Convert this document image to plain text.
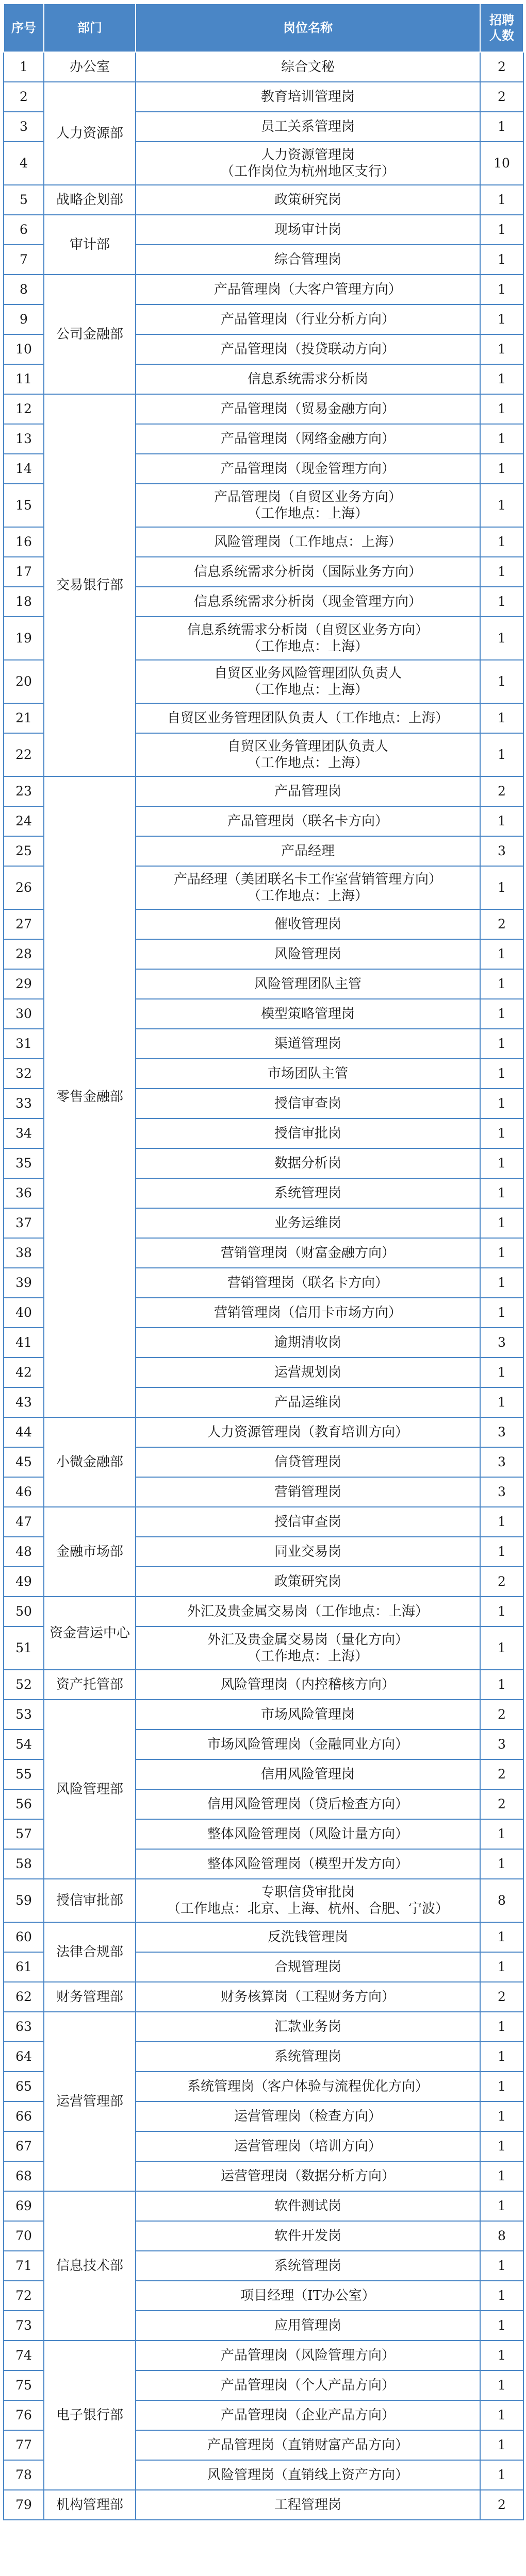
序号	部门	岗位名称	招聘
人数
1	办公室	综合文秘	2
2	人力资源部	教育培训管理岗	2
3		员工关系管理岗	1
4		人力资源管理岗
（工作岗位为杭州地区支行）	10
5	战略企划部	政策研究岗	1
6	审计部	现场审计岗	1
7		综合管理岗	1
8	公司金融部	产品管理岗（大客户管理方向）	1
9		产品管理岗（行业分析方向）	1
10		产品管理岗（投贷联动方向）	1
11		信息系统需求分析岗	1
12	交易银行部	产品管理岗（贸易金融方向）	1
13		产品管理岗（网络金融方向）	1
14		产品管理岗（现金管理方向）	1
15		产品管理岗（自贸区业务方向）
（工作地点：上海）	1
16		风险管理岗（工作地点：上海）	1
17		信息系统需求分析岗（国际业务方向）	1
18		信息系统需求分析岗（现金管理方向）	1
19		信息系统需求分析岗（自贸区业务方向）
（工作地点：上海）	1
20		自贸区业务风险管理团队负责人
（工作地点：上海）	1
21		自贸区业务管理团队负责人（工作地点：上海）	1
22		自贸区业务管理团队负责人
（工作地点：上海）	1
23	零售金融部	产品管理岗	2
24		产品管理岗（联名卡方向）	1
25		产品经理	3
26		产品经理（美团联名卡工作室营销管理方向）
（工作地点：上海）	1
27		催收管理岗	2
28		风险管理岗	1
29		风险管理团队主管	1
30		模型策略管理岗	1
31		渠道管理岗	1
32		市场团队主管	1
33		授信审查岗	1
34		授信审批岗	1
35		数据分析岗	1
36		系统管理岗	1
37		业务运维岗	1
38		营销管理岗（财富金融方向）	1
39		营销管理岗（联名卡方向）	1
40		营销管理岗（信用卡市场方向）	1
41		逾期清收岗	3
42		运营规划岗	1
43		产品运维岗	1
44	小微金融部	人力资源管理岗（教育培训方向）	3
45		信贷管理岗	3
46		营销管理岗	3
47	金融市场部	授信审查岗	1
48		同业交易岗	1
49		政策研究岗	2
50	资金营运中心	外汇及贵金属交易岗（工作地点：上海）	1
51		外汇及贵金属交易岗（量化方向）
（工作地点：上海）	1
52	资产托管部	风险管理岗（内控稽核方向）	1
53	风险管理部	市场风险管理岗	2
54		市场风险管理岗（金融同业方向）	3
55		信用风险管理岗	2
56		信用风险管理岗（贷后检查方向）	2
57		整体风险管理岗（风险计量方向）	1
58		整体风险管理岗（模型开发方向）	1
59	授信审批部	专职信贷审批岗
（工作地点：北京、上海、杭州、合肥、宁波）	8
60	法律合规部	反洗钱管理岗	1
61		合规管理岗	1
62	财务管理部	财务核算岗（工程财务方向）	2
63	运营管理部	汇款业务岗	1
64		系统管理岗	1
65		系统管理岗（客户体验与流程优化方向）	1
66		运营管理岗（检查方向）	1
67		运营管理岗（培训方向）	1
68		运营管理岗（数据分析方向）	1
69	信息技术部	软件测试岗	1
70		软件开发岗	8
71		系统管理岗	1
72		项目经理（IT办公室）	1
73		应用管理岗	1
74	电子银行部	产品管理岗（风险管理方向）	1
75		产品管理岗（个人产品方向）	1
76		产品管理岗（企业产品方向）	1
77		产品管理岗（直销财富产品方向）	1
78		风险管理岗（直销线上资产方向）	1
79	机构管理部	工程管理岗	2
